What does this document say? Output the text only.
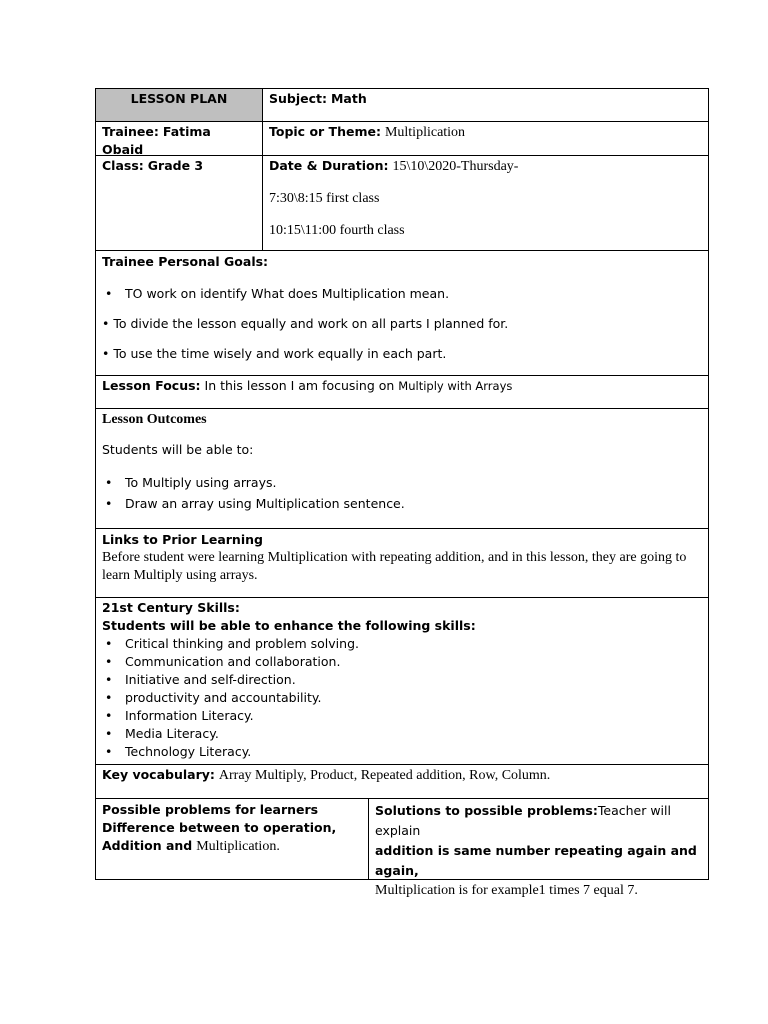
LESSON PLAN	Subject: Math
Trainee: Fatima Obaid
Topic or Theme: Multiplication
Class: Grade 3	Date & Duration: 15\10\2020-Thursday-
7:30\8:15 first class
10:15\11:00 fourth class
Trainee Personal Goals:
• TO work on identify What does Multiplication mean.
• To divide the lesson equally and work on all parts I planned for.
• To use the time wisely and work equally in each part.
Lesson Focus: In this lesson I am focusing on Multiply with Arrays
Lesson Outcomes
Students will be able to:
• To Multiply using arrays.
• Draw an array using Multiplication sentence.
Links to Prior Learning
Before student were learning Multiplication with repeating addition, and in this lesson, they are going to learn Multiply using arrays.
21st Century Skills:
Students will be able to enhance the following skills:
• Critical thinking and problem solving.
• Communication and collaboration.
• Initiative and self-direction.
• productivity and accountability.
• Information Literacy.
• Media Literacy.
• Technology Literacy.
Key vocabulary: Array Multiply, Product, Repeated addition, Row, Column.
Possible problems for learners
Difference between to operation,
Addition and Multiplication.
Solutions to possible problems:Teacher will explain
addition is same number repeating again and again,
Multiplication is for example1 times 7 equal 7.
